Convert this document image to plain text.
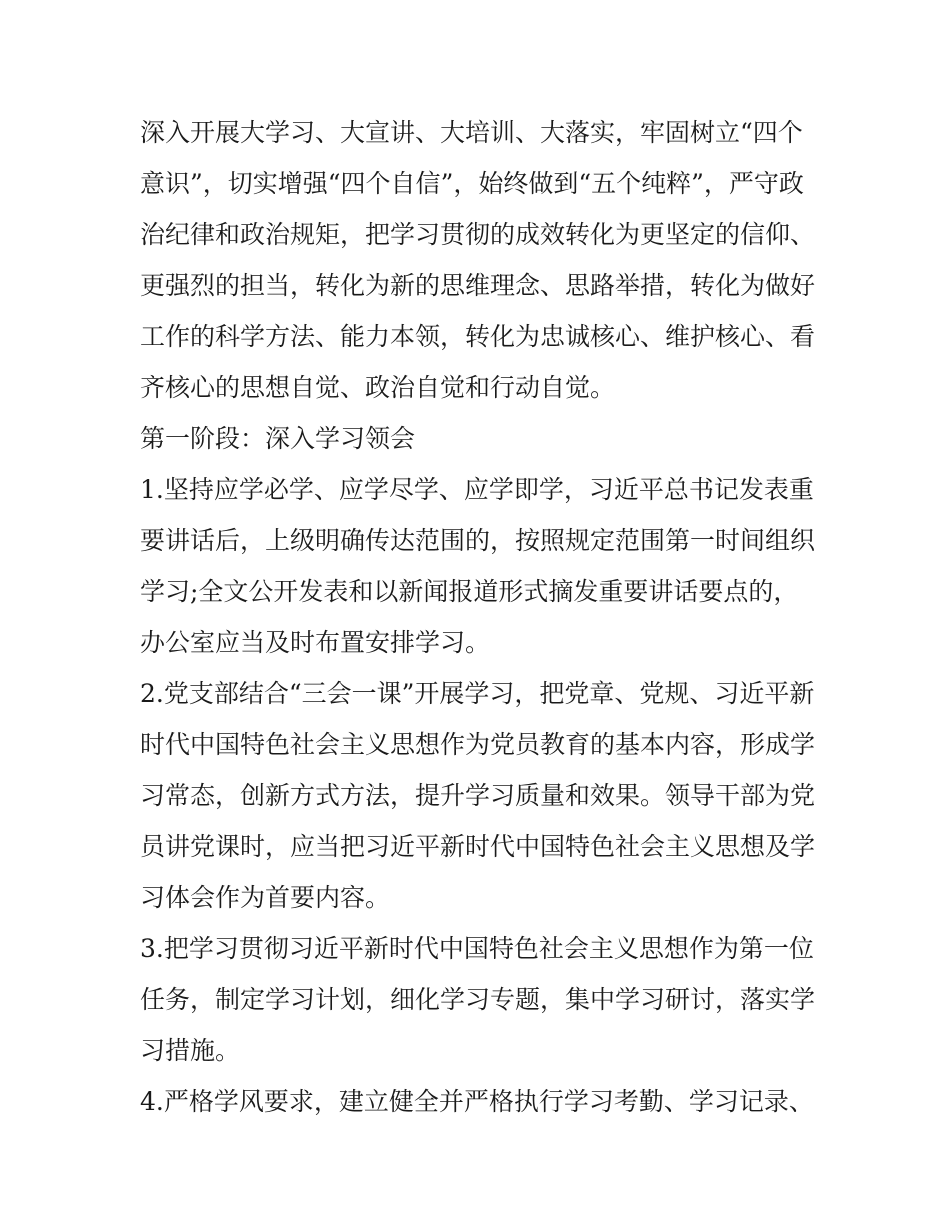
深入开展大学习、大宣讲、大培训、大落实，牢固树立“四个
意识”，切实增强“四个自信”，始终做到“五个纯粹”，严守政
治纪律和政治规矩，把学习贯彻的成效转化为更坚定的信仰、
更强烈的担当，转化为新的思维理念、思路举措，转化为做好
工作的科学方法、能力本领，转化为忠诚核心、维护核心、看
齐核心的思想自觉、政治自觉和行动自觉。
第一阶段：深入学习领会
1.坚持应学必学、应学尽学、应学即学，习近平总书记发表重
要讲话后，上级明确传达范围的，按照规定范围第一时间组织
学习;全文公开发表和以新闻报道形式摘发重要讲话要点的，
办公室应当及时布置安排学习。
2.党支部结合“三会一课”开展学习，把党章、党规、习近平新
时代中国特色社会主义思想作为党员教育的基本内容，形成学
习常态，创新方式方法，提升学习质量和效果。领导干部为党
员讲党课时，应当把习近平新时代中国特色社会主义思想及学
习体会作为首要内容。
3.把学习贯彻习近平新时代中国特色社会主义思想作为第一位
任务，制定学习计划，细化学习专题，集中学习研讨，落实学
习措施。
4.严格学风要求，建立健全并严格执行学习考勤、学习记录、
